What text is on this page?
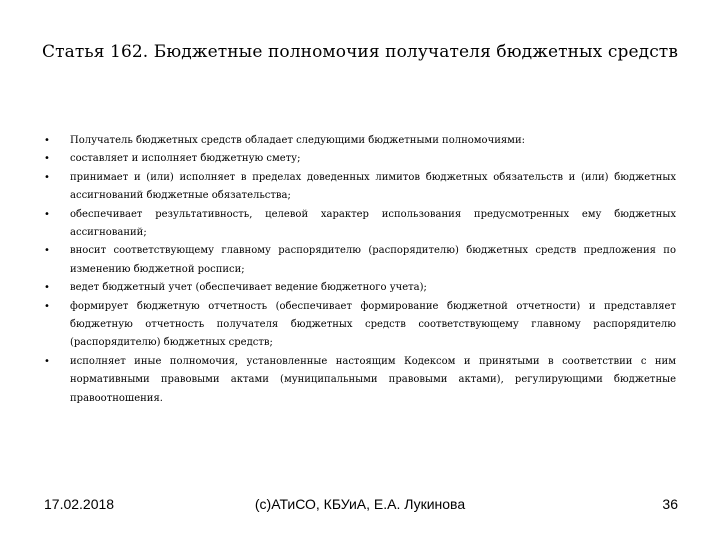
Статья 162. Бюджетные полномочия получателя бюджетных средств
•	Получатель бюджетных средств обладает следующими бюджетными полномочиями:
•	составляет и исполняет бюджетную смету;
•	принимает и (или) исполняет в пределах доведенных лимитов бюджетных обязательств и (или) бюджетных ассигнований бюджетные обязательства;
•	обеспечивает результативность, целевой характер использования предусмотренных ему бюджетных ассигнований;
•	вносит соответствующему главному распорядителю (распорядителю) бюджетных средств предложения по изменению бюджетной росписи;
•	ведет бюджетный учет (обеспечивает ведение бюджетного учета);
•	формирует бюджетную отчетность (обеспечивает формирование бюджетной отчетности) и представляет бюджетную отчетность получателя бюджетных средств соответствующему главному распорядителю (распорядителю) бюджетных средств;
•	исполняет иные полномочия, установленные настоящим Кодексом и принятыми в соответствии с ним нормативными правовыми актами (муниципальными правовыми актами), регулирующими бюджетные правоотношения.
(c)АТиСО, КБУиА, Е.А. Лукинова
17.02.2018	36
